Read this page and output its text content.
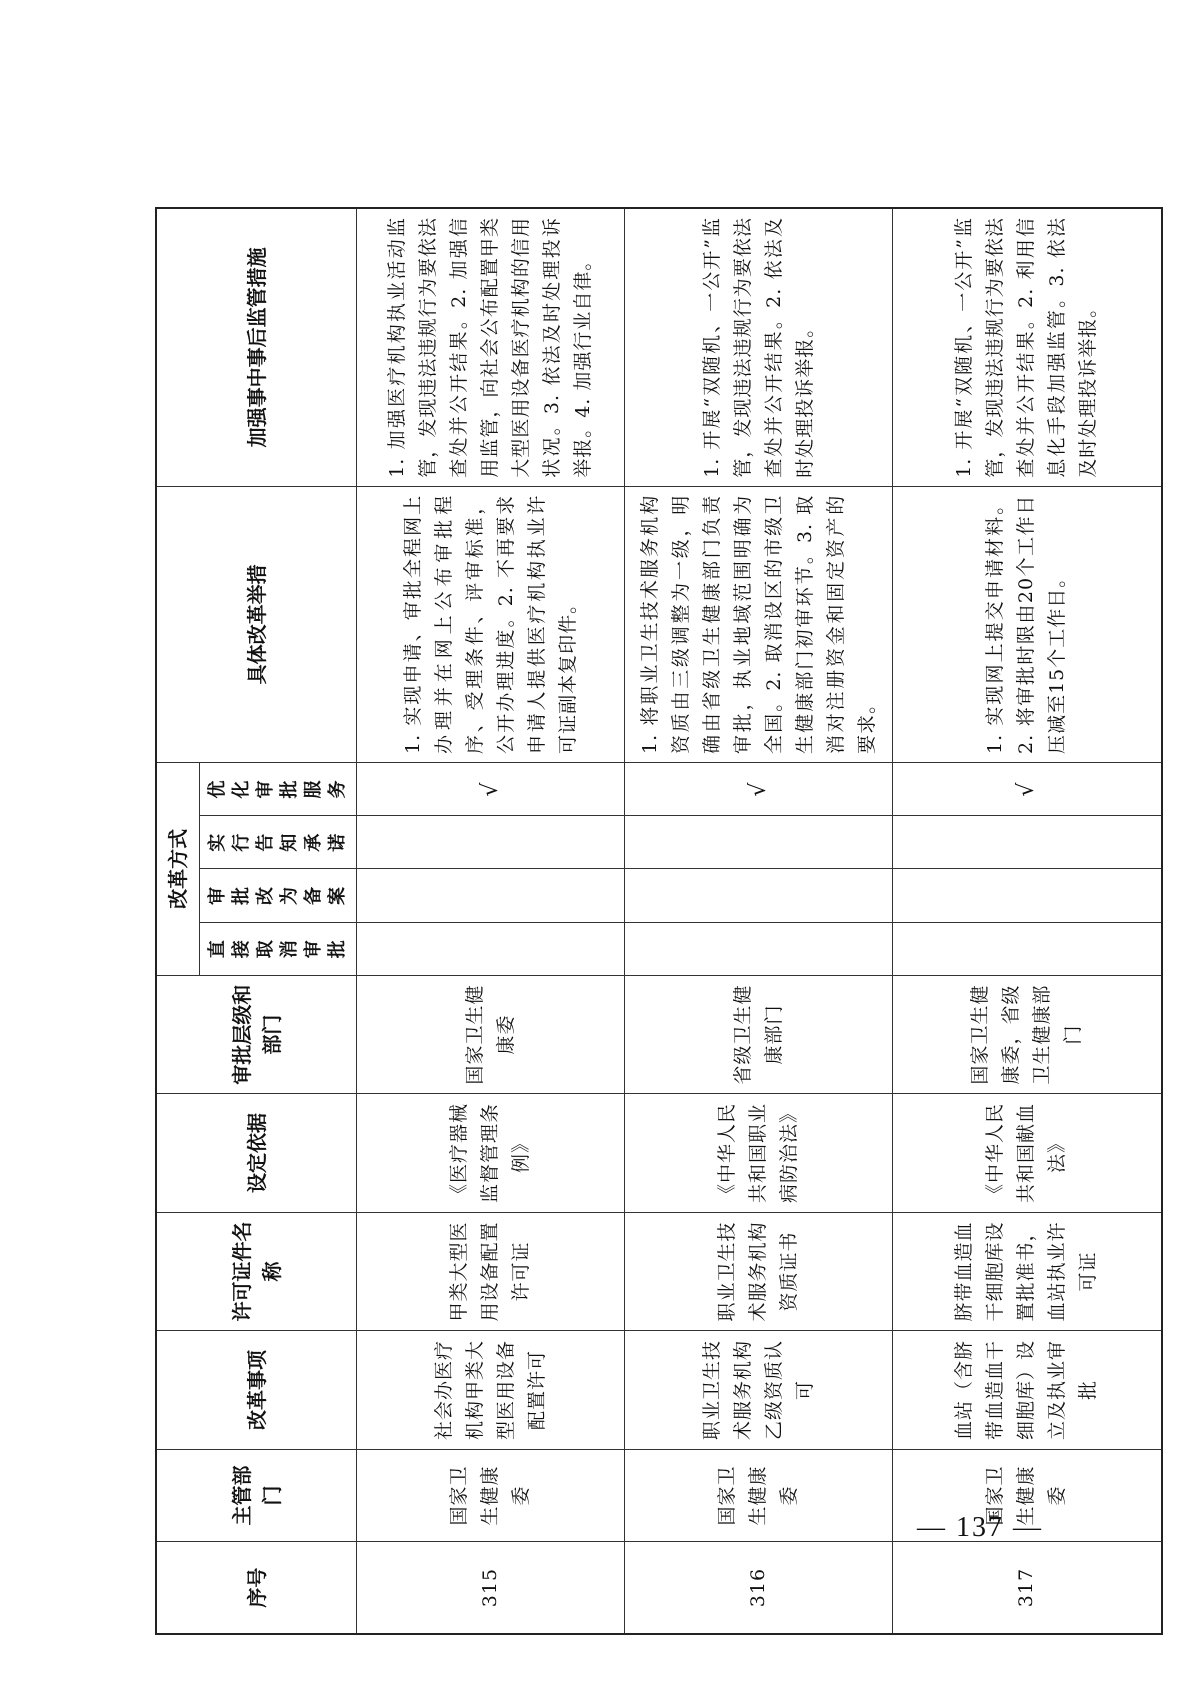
序号	主管部门	改革事项	许可证件名称	设定依据	审批层级和部门	改革方式				具体改革举措	加强事中事后监管措施
						直接取消审批	审批改为备案	实行告知承诺	优化审批服务		
315	国家卫生健康委	社会办医疗机构甲类大型医用设备配置许可	甲类大型医用设备配置许可证	《医疗器械监督管理条例》	国家卫生健康委				√	1. 实现申请、审批全程网上办理并在网上公布审批程序、受理条件、评审标准，公开办理进度。2. 不再要求申请人提供医疗机构执业许可证副本复印件。	1. 加强医疗机构执业活动监管，发现违法违规行为要依法查处并公开结果。2. 加强信用监管，向社会公布配置甲类大型医用设备医疗机构的信用状况。3. 依法及时处理投诉举报。4. 加强行业自律。
316	国家卫生健康委	职业卫生技术服务机构乙级资质认可	职业卫生技术服务机构资质证书	《中华人民共和国职业病防治法》	省级卫生健康部门				√	1. 将职业卫生技术服务机构资质由三级调整为一级，明确由省级卫生健康部门负责审批，执业地域范围明确为全国。2. 取消设区的市级卫生健康部门初审环节。3. 取消对注册资金和固定资产的要求。	1. 开展“双随机、一公开”监管，发现违法违规行为要依法查处并公开结果。2. 依法及时处理投诉举报。
317	国家卫生健康委	血站（含脐带血造血干细胞库）设立及执业审批	脐带血造血干细胞库设置批准书，血站执业许可证	《中华人民共和国献血法》	国家卫生健康委，省级卫生健康部门				√	1. 实现网上提交申请材料。2. 将审批时限由20个工作日压减至15个工作日。	1. 开展“双随机、一公开”监管，发现违法违规行为要依法查处并公开结果。2. 利用信息化手段加强监管。3. 依法及时处理投诉举报。
— 137 —
